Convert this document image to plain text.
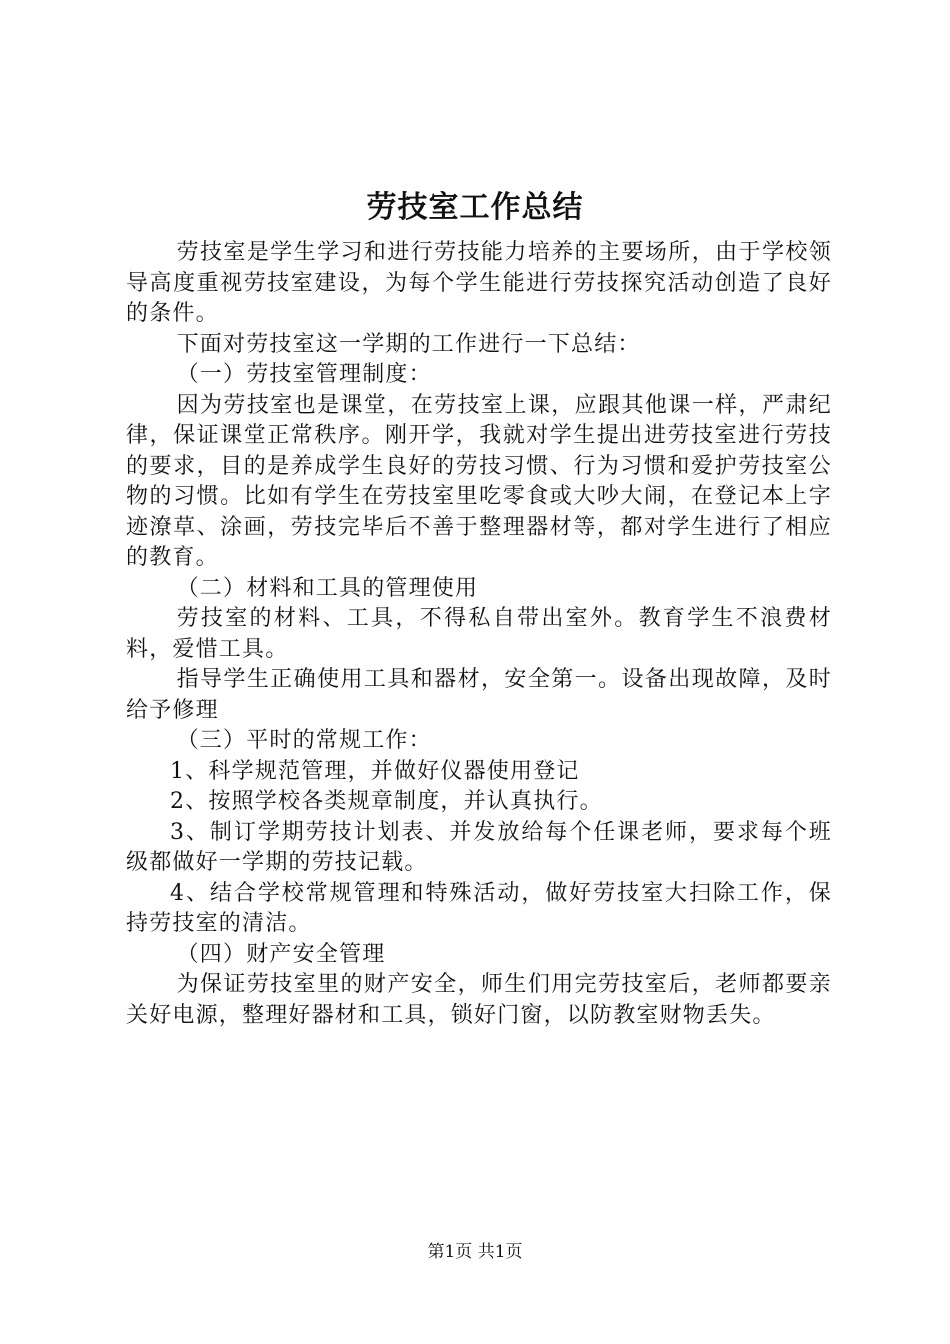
劳技室工作总结

劳技室是学生学习和进行劳技能力培养的主要场所，由于学校领导高度重视劳技室建设，为每个学生能进行劳技探究活动创造了良好的条件。

下面对劳技室这一学期的工作进行一下总结：

（一）劳技室管理制度：

因为劳技室也是课堂，在劳技室上课，应跟其他课一样，严肃纪律，保证课堂正常秩序。刚开学，我就对学生提出进劳技室进行劳技的要求，目的是养成学生良好的劳技习惯、行为习惯和爱护劳技室公物的习惯。比如有学生在劳技室里吃零食或大吵大闹，在登记本上字迹潦草、涂画，劳技完毕后不善于整理器材等，都对学生进行了相应的教育。

（二）材料和工具的管理使用

劳技室的材料、工具，不得私自带出室外。教育学生不浪费材料，爱惜工具。

指导学生正确使用工具和器材，安全第一。设备出现故障，及时给予修理

（三）平时的常规工作：

1、科学规范管理，并做好仪器使用登记

2、按照学校各类规章制度，并认真执行。

3、制订学期劳技计划表、并发放给每个任课老师，要求每个班级都做好一学期的劳技记载。

4、结合学校常规管理和特殊活动，做好劳技室大扫除工作，保持劳技室的清洁。

（四）财产安全管理

为保证劳技室里的财产安全，师生们用完劳技室后，老师都要亲关好电源，整理好器材和工具，锁好门窗，以防教室财物丢失。

第1页 共1页
